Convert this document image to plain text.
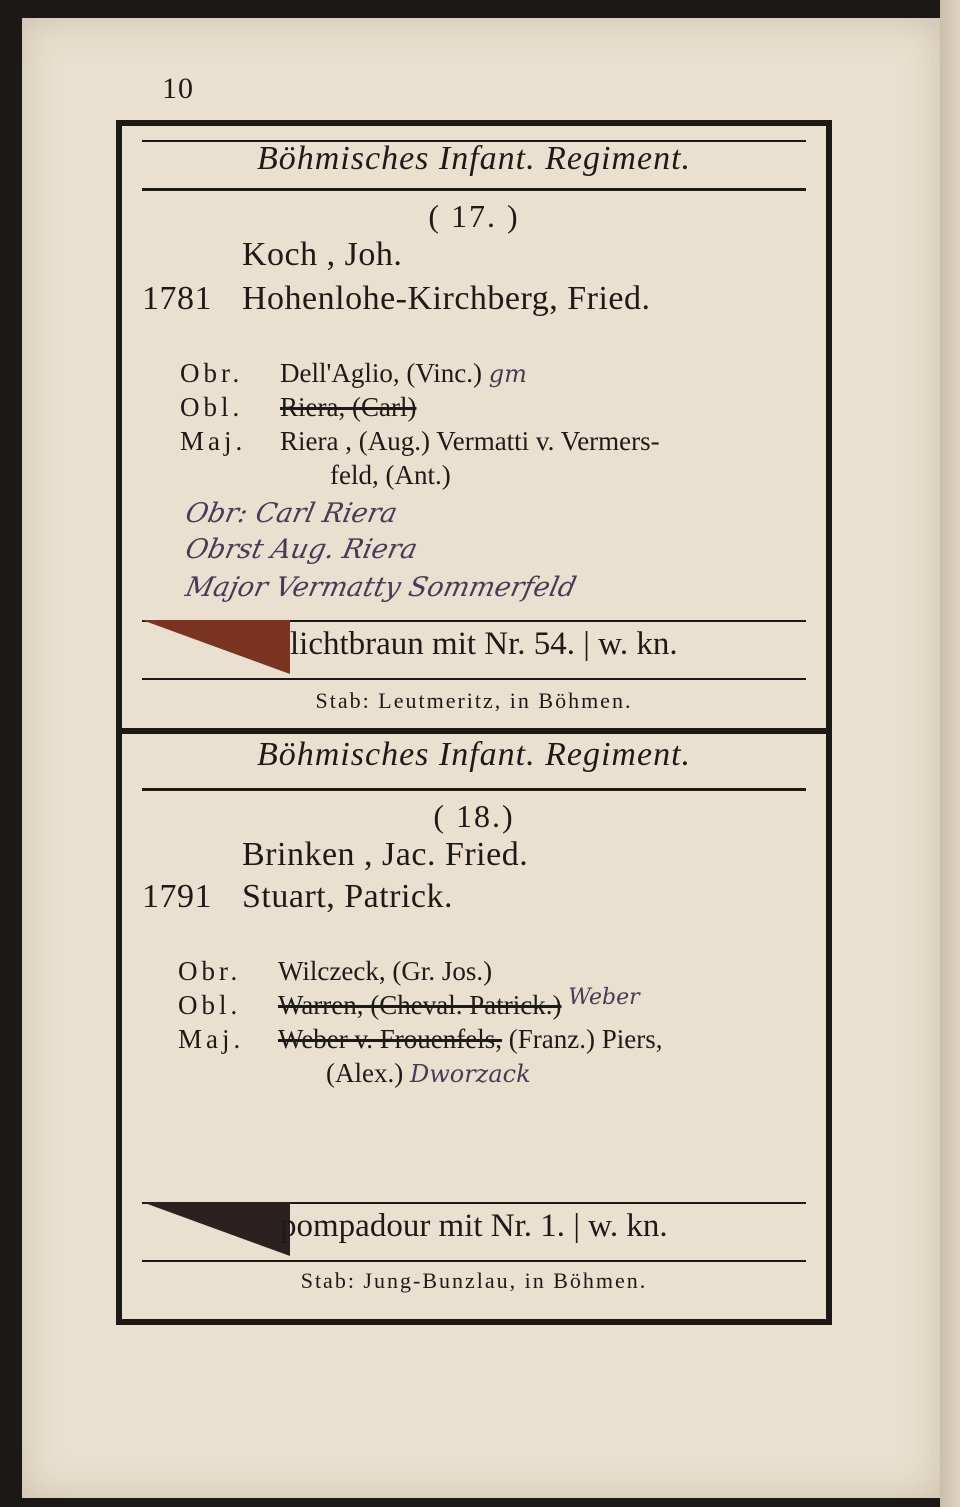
10
Böhmisches Infant. Regiment.
( 17. )
Koch , Joh.
1781 Hohenlohe-Kirchberg, Fried.
Obr. Dell'Aglio, (Vinc.) gm
Obl. Riera, (Carl)
Maj. Riera , (Aug.) Vermatti v. Vermers-
feld, (Ant.)
Obr: Carl Riera
Obrst Aug. Riera
Major Vermatty Sommerfeld
lichtbraun mit Nr. 54. | w. kn.
Stab: Leutmeritz, in Böhmen.
Böhmisches Infant. Regiment.
( 18.)
Brinken , Jac. Fried.
1791 Stuart, Patrick.
Obr. Wilczeck, (Gr. Jos.)
Obl. Warren, (Cheval. Patrick.) $^{Weber}$
Maj. Weber v. Frouenfels, (Franz.) Piers,
(Alex.) Dworzack
pompadour mit Nr. 1. | w. kn.
Stab: Jung-Bunzlau, in Böhmen.
